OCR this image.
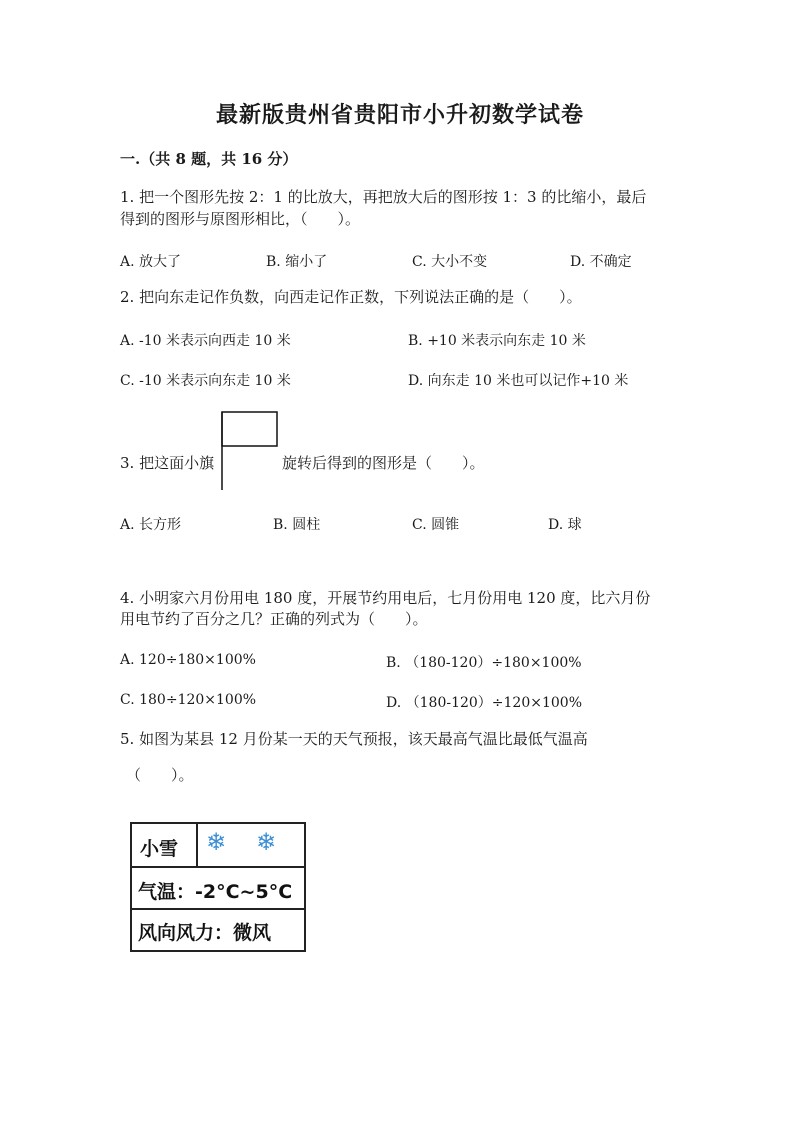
最新版贵州省贵阳市小升初数学试卷
一.（共 8 题，共 16 分）
1. 把一个图形先按 2：1 的比放大，再把放大后的图形按 1：3 的比缩小，最后
得到的图形与原图形相比，（　　）。
A. 放大了	B. 缩小了	C. 大小不变	D. 不确定
2. 把向东走记作负数，向西走记作正数，下列说法正确的是（　　）。
A. -10 米表示向西走 10 米	B. +10 米表示向东走 10 米
C. -10 米表示向东走 10 米	D. 向东走 10 米也可以记作+10 米
3. 把这面小旗	旋转后得到的图形是（　　）。
A. 长方形	B. 圆柱	C. 圆锥	D. 球
4. 小明家六月份用电 180 度，开展节约用电后，七月份用电 120 度，比六月份
用电节约了百分之几？正确的列式为（　　）。
A. 120÷180×100%	B. （180-120）÷180×100%
C. 180÷120×100%	D. （180-120）÷120×100%
5. 如图为某县 12 月份某一天的天气预报，该天最高气温比最低气温高
（　　）。
小雪 ❄ ❄
气温：-2°C~5°C
风向风力：微风
